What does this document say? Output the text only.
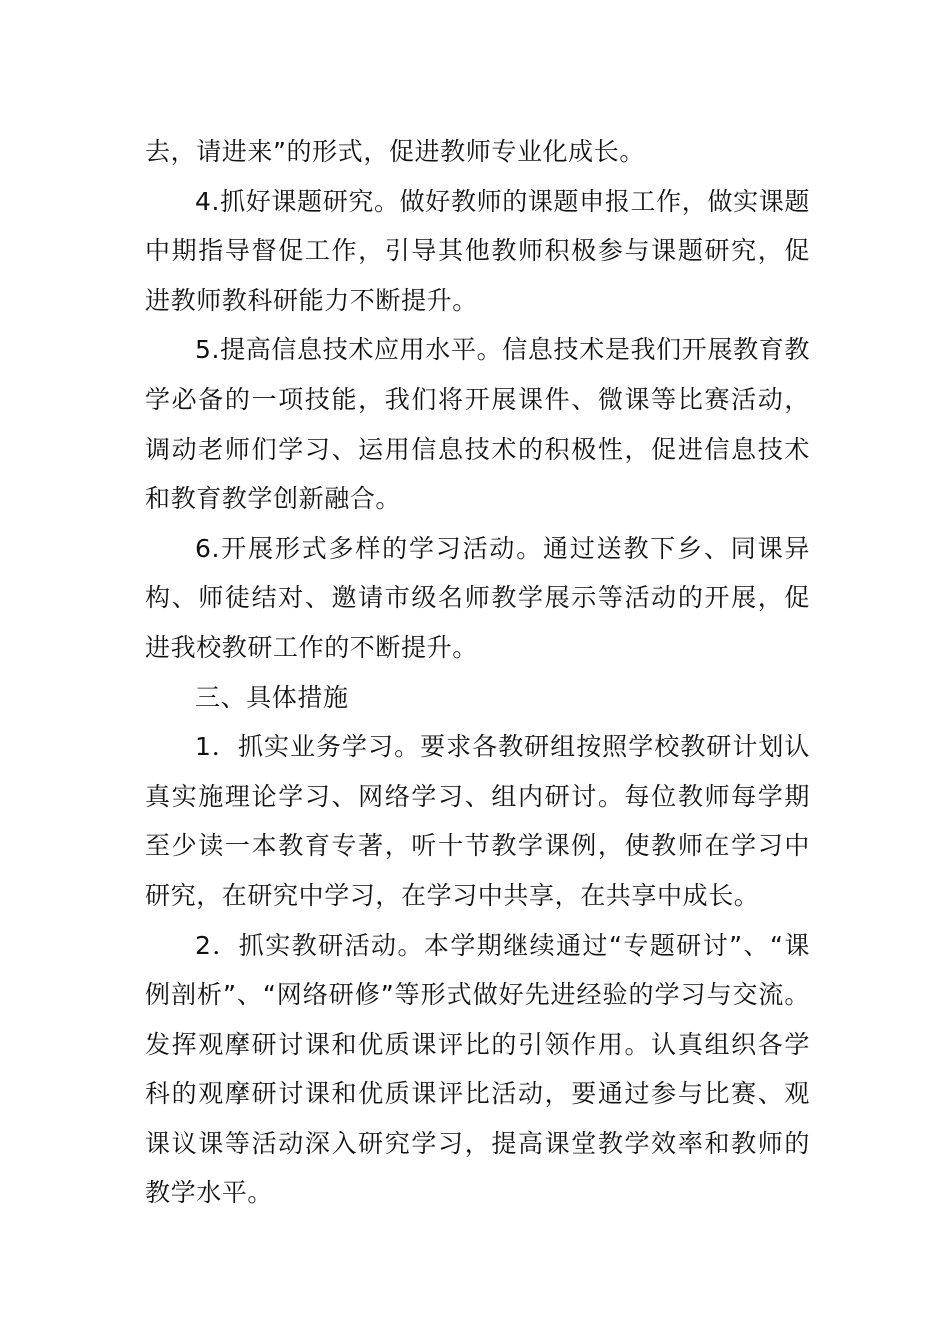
去，请进来”的形式，促进教师专业化成长。

4.抓好课题研究。做好教师的课题申报工作，做实课题中期指导督促工作，引导其他教师积极参与课题研究，促进教师教科研能力不断提升。

5.提高信息技术应用水平。信息技术是我们开展教育教学必备的一项技能，我们将开展课件、微课等比赛活动，调动老师们学习、运用信息技术的积极性，促进信息技术和教育教学创新融合。

6.开展形式多样的学习活动。通过送教下乡、同课异构、师徒结对、邀请市级名师教学展示等活动的开展，促进我校教研工作的不断提升。

三、具体措施

1．抓实业务学习。要求各教研组按照学校教研计划认真实施理论学习、网络学习、组内研讨。每位教师每学期至少读一本教育专著，听十节教学课例，使教师在学习中研究，在研究中学习，在学习中共享，在共享中成长。

2．抓实教研活动。本学期继续通过“专题研讨”、“课例剖析”、“网络研修”等形式做好先进经验的学习与交流。发挥观摩研讨课和优质课评比的引领作用。认真组织各学科的观摩研讨课和优质课评比活动，要通过参与比赛、观课议课等活动深入研究学习，提高课堂教学效率和教师的教学水平。
